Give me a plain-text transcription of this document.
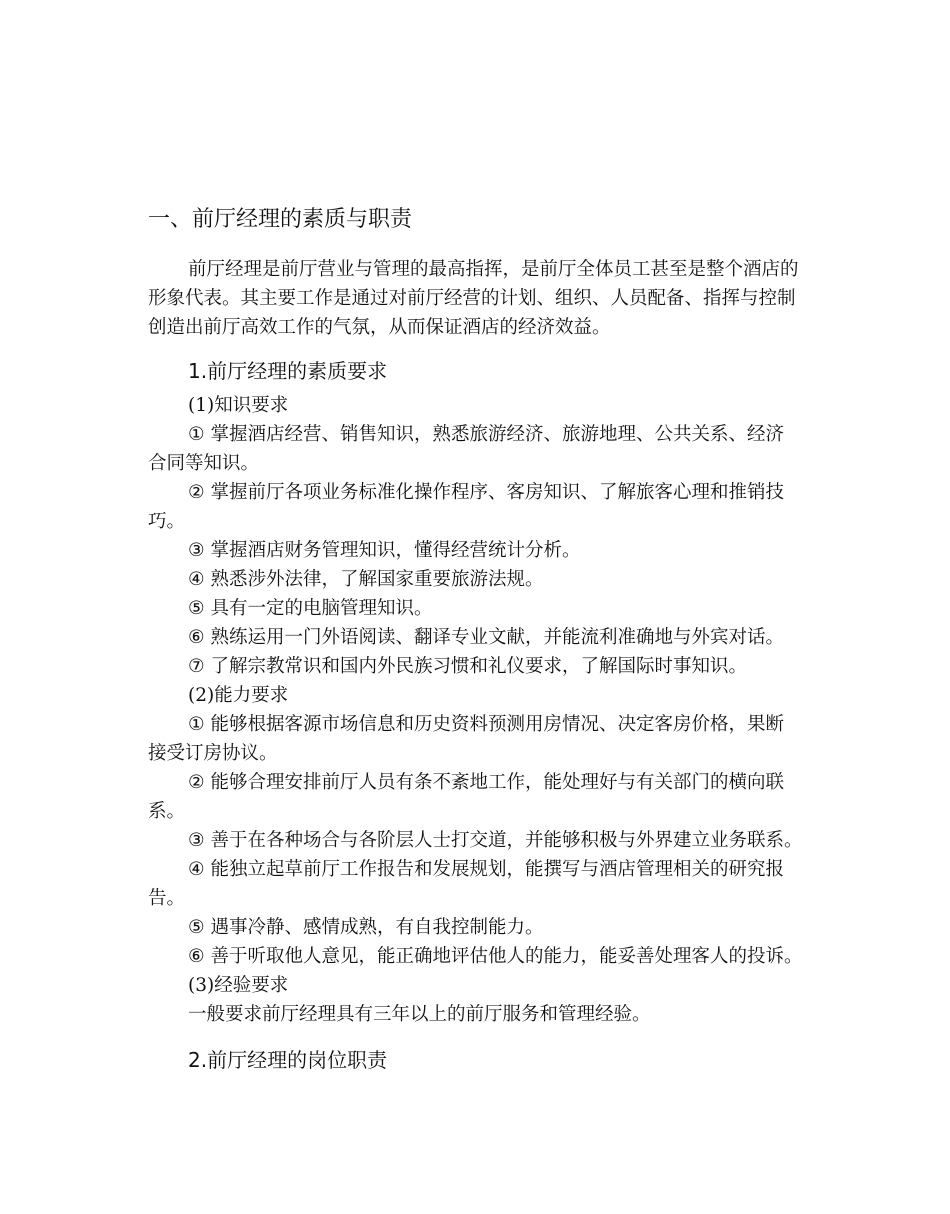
一、前厅经理的素质与职责
前厅经理是前厅营业与管理的最高指挥，是前厅全体员工甚至是整个酒店的
形象代表。其主要工作是通过对前厅经营的计划、组织、人员配备、指挥与控制
创造出前厅高效工作的气氛，从而保证酒店的经济效益。
1.前厅经理的素质要求
(1)知识要求
① 掌握酒店经营、销售知识，熟悉旅游经济、旅游地理、公共关系、经济
合同等知识。
② 掌握前厅各项业务标准化操作程序、客房知识、了解旅客心理和推销技
巧。
③ 掌握酒店财务管理知识，懂得经营统计分析。
④ 熟悉涉外法律，了解国家重要旅游法规。
⑤ 具有一定的电脑管理知识。
⑥ 熟练运用一门外语阅读、翻译专业文献，并能流利准确地与外宾对话。
⑦ 了解宗教常识和国内外民族习惯和礼仪要求，了解国际时事知识。
(2)能力要求
① 能够根据客源市场信息和历史资料预测用房情况、决定客房价格，果断
接受订房协议。
② 能够合理安排前厅人员有条不紊地工作，能处理好与有关部门的横向联
系。
③ 善于在各种场合与各阶层人士打交道，并能够积极与外界建立业务联系。
④ 能独立起草前厅工作报告和发展规划，能撰写与酒店管理相关的研究报
告。
⑤ 遇事冷静、感情成熟，有自我控制能力。
⑥ 善于听取他人意见，能正确地评估他人的能力，能妥善处理客人的投诉。
(3)经验要求
一般要求前厅经理具有三年以上的前厅服务和管理经验。
2.前厅经理的岗位职责
